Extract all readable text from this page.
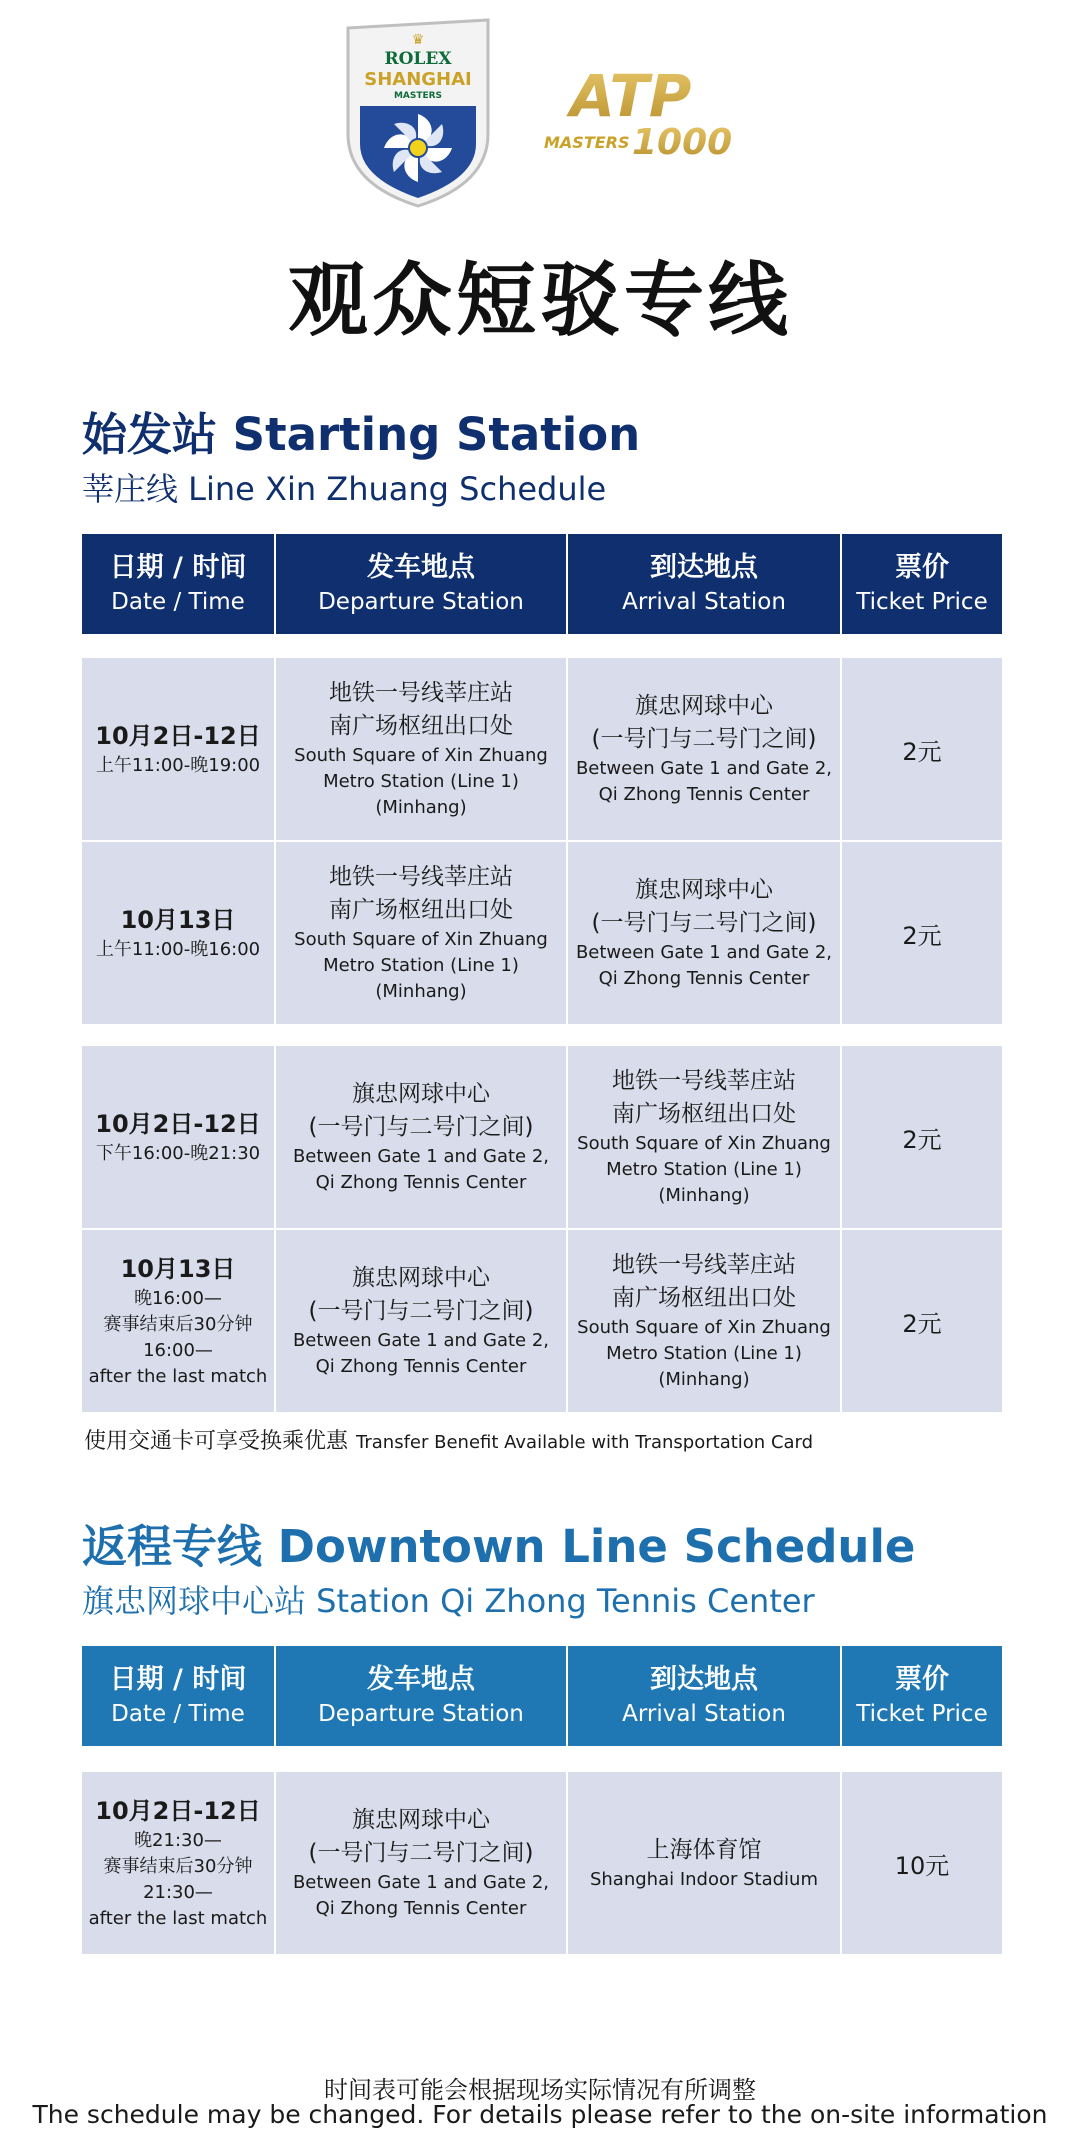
♛
ROLEX
SHANGHAI
MASTERS ATP
MASTERS 1000
观众短驳专线
始发站 Starting Station
莘庄线 Line Xin Zhuang Schedule
日期 / 时间
Date / Time
发车地点
Departure Station
到达地点
Arrival Station
票价
Ticket Price
10月2日-12日
上午11:00-晚19:00
地铁一号线莘庄站
南广场枢纽出口处
South Square of Xin Zhuang
Metro Station (Line 1)
(Minhang)
旗忠网球中心
(一号门与二号门之间)
Between Gate 1 and Gate 2,
Qi Zhong Tennis Center
2元
10月13日
上午11:00-晚16:00
地铁一号线莘庄站
南广场枢纽出口处
South Square of Xin Zhuang
Metro Station (Line 1)
(Minhang)
旗忠网球中心
(一号门与二号门之间)
Between Gate 1 and Gate 2,
Qi Zhong Tennis Center
2元
10月2日-12日
下午16:00-晚21:30
旗忠网球中心
(一号门与二号门之间)
Between Gate 1 and Gate 2,
Qi Zhong Tennis Center
地铁一号线莘庄站
南广场枢纽出口处
South Square of Xin Zhuang
Metro Station (Line 1)
(Minhang)
2元
10月13日
晚16:00—
赛事结束后30分钟
16:00—
after the last match
旗忠网球中心
(一号门与二号门之间)
Between Gate 1 and Gate 2,
Qi Zhong Tennis Center
地铁一号线莘庄站
南广场枢纽出口处
South Square of Xin Zhuang
Metro Station (Line 1)
(Minhang)
2元
使用交通卡可享受换乘优惠 Transfer Benefit Available with Transportation Card
返程专线 Downtown Line Schedule
旗忠网球中心站 Station Qi Zhong Tennis Center
日期 / 时间
Date / Time
发车地点
Departure Station
到达地点
Arrival Station
票价
Ticket Price
10月2日-12日
晚21:30—
赛事结束后30分钟
21:30—
after the last match
旗忠网球中心
(一号门与二号门之间)
Between Gate 1 and Gate 2,
Qi Zhong Tennis Center
上海体育馆
Shanghai Indoor Stadium	10元
时间表可能会根据现场实际情况有所调整
The schedule may be changed. For details please refer to the on-site information
